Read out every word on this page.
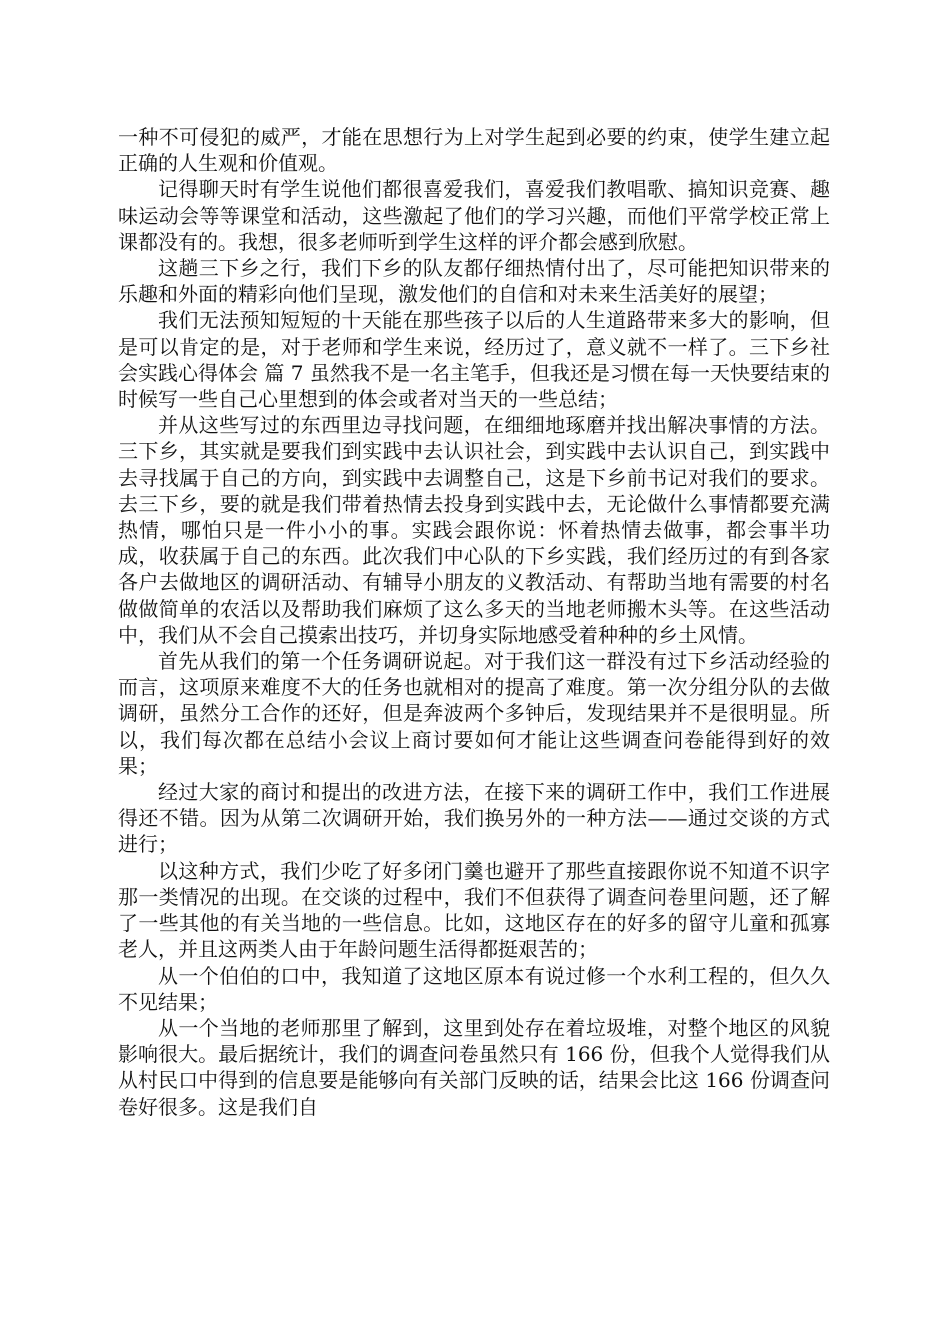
一种不可侵犯的威严，才能在思想行为上对学生起到必要的约束，使学生建立起正确的人生观和价值观。

记得聊天时有学生说他们都很喜爱我们，喜爱我们教唱歌、搞知识竞赛、趣味运动会等等课堂和活动，这些激起了他们的学习兴趣，而他们平常学校正常上课都没有的。我想，很多老师听到学生这样的评介都会感到欣慰。

这趟三下乡之行，我们下乡的队友都仔细热情付出了，尽可能把知识带来的乐趣和外面的精彩向他们呈现，激发他们的自信和对未来生活美好的展望；

我们无法预知短短的十天能在那些孩子以后的人生道路带来多大的影响，但是可以肯定的是，对于老师和学生来说，经历过了，意义就不一样了。三下乡社会实践心得体会 篇 7 虽然我不是一名主笔手，但我还是习惯在每一天快要结束的时候写一些自己心里想到的体会或者对当天的一些总结；

并从这些写过的东西里边寻找问题，在细细地琢磨并找出解决事情的方法。三下乡，其实就是要我们到实践中去认识社会，到实践中去认识自己，到实践中去寻找属于自己的方向，到实践中去调整自己，这是下乡前书记对我们的要求。去三下乡，要的就是我们带着热情去投身到实践中去，无论做什么事情都要充满热情，哪怕只是一件小小的事。实践会跟你说：怀着热情去做事，都会事半功成，收获属于自己的东西。此次我们中心队的下乡实践，我们经历过的有到各家各户去做地区的调研活动、有辅导小朋友的义教活动、有帮助当地有需要的村名做做简单的农活以及帮助我们麻烦了这么多天的当地老师搬木头等。在这些活动中，我们从不会自己摸索出技巧，并切身实际地感受着种种的乡土风情。

首先从我们的第一个任务调研说起。对于我们这一群没有过下乡活动经验的而言，这项原来难度不大的任务也就相对的提高了难度。第一次分组分队的去做调研，虽然分工合作的还好，但是奔波两个多钟后，发现结果并不是很明显。所以，我们每次都在总结小会议上商讨要如何才能让这些调查问卷能得到好的效果；

经过大家的商讨和提出的改进方法，在接下来的调研工作中，我们工作进展得还不错。因为从第二次调研开始，我们换另外的一种方法——通过交谈的方式进行；

以这种方式，我们少吃了好多闭门羹也避开了那些直接跟你说不知道不识字那一类情况的出现。在交谈的过程中，我们不但获得了调查问卷里问题，还了解了一些其他的有关当地的一些信息。比如，这地区存在的好多的留守儿童和孤寡老人，并且这两类人由于年龄问题生活得都挺艰苦的；

从一个伯伯的口中，我知道了这地区原本有说过修一个水利工程的，但久久不见结果；

从一个当地的老师那里了解到，这里到处存在着垃圾堆，对整个地区的风貌影响很大。最后据统计，我们的调查问卷虽然只有 166 份，但我个人觉得我们从从村民口中得到的信息要是能够向有关部门反映的话，结果会比这 166 份调查问卷好很多。这是我们自
